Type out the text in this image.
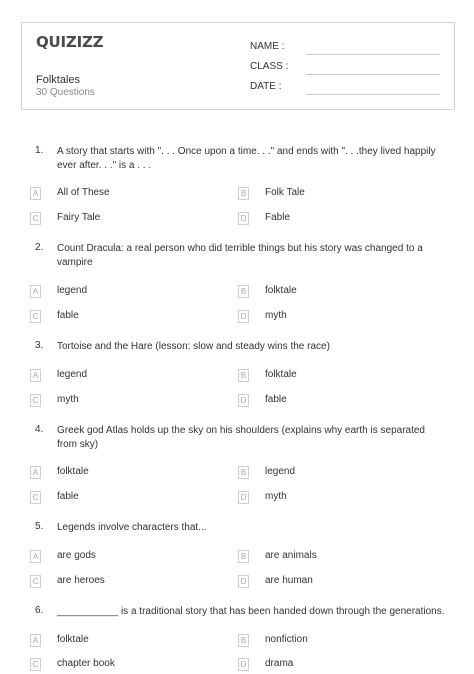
QUIZIZZ
Folktales
30 Questions
NAME :
CLASS :
DATE :
1. A story that starts with ". . . Once upon a time. . ." and ends with ". . .they lived happily ever after. . ." is a . . .
A All of These	B Folk Tale
C Fairy Tale	D Fable
2. Count Dracula: a real person who did terrible things but his story was changed to a vampire
A legend	B folktale
C fable	D myth
3. Tortoise and the Hare (lesson: slow and steady wins the race)
A legend	B folktale
C myth	D fable
4. Greek god Atlas holds up the sky on his shoulders (explains why earth is separated from sky)
A folktale	B legend
C fable	D myth
5. Legends involve characters that...
A are gods	B are animals
C are heroes	D are human
6. ___________ is a traditional story that has been handed down through the generations.
A folktale	B nonfiction
C chapter book	D drama
